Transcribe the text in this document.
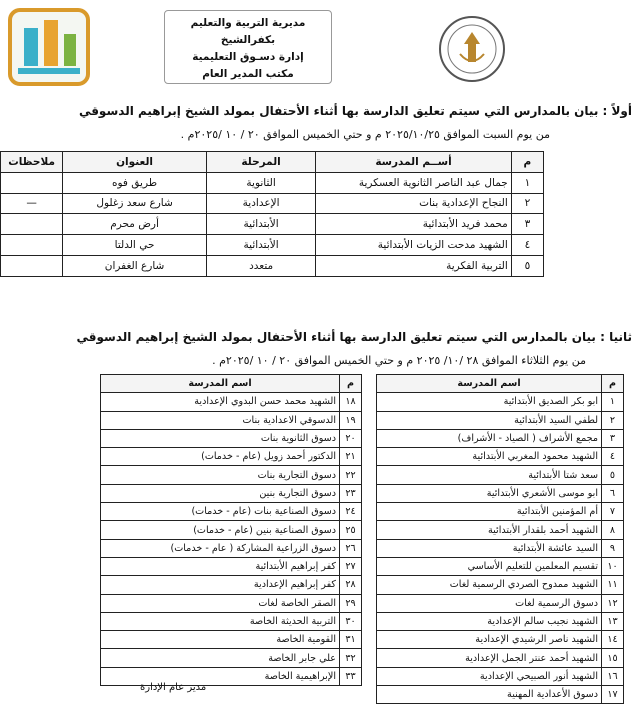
مديرية التربية والتعليم بكفرالشيخ
إدارة دسـوق التعليمية
مكتب المدير العام
أولاً : بيان بالمدارس التي سيتم تعليق الدارسة بها أثناء الأحتفال بمولد الشيخ إبراهيم الدسوقي
من يوم السبت الموافق ٢٠٢٥/١٠/٢٥ م و حتي الخميس الموافق ٢٠ / ١٠ /٢٠٢٥م .
م	أســم المدرسة	المرحلة	العنوان	ملاحظات
١	جمال عبد الناصر الثانوية العسكرية	الثانوية	طريق فوه	
٢	النجاح الإعدادية بنات	الإعدادية	شارع سعد زغلول	—
٣	محمد فريد الأبتدائية	الأبتدائية	أرض محرم	
٤	الشهيد مدحت الزيات الأبتدائية	الأبتدائية	حي الدلتا	
٥	التربية الفكرية	متعدد	شارع الغفران	
ثانيا : بيان بالمدارس التي سيتم تعليق الدارسة بها أثناء الأحتفال بمولد الشيخ إبراهيم الدسوقي
من يوم الثلاثاء الموافق ٢٨ /١٠/ ٢٠٢٥ م و حتي الخميس الموافق ٢٠ / ١٠ /٢٠٢٥م .
م	اسم المدرسة
١	ابو بكر الصديق الأبتدائية
٢	لطفي السيد الأبتدائية
٣	مجمع الأشراف ( الصياد - الأشراف)
٤	الشهيد محمود المغربي الأبتدائية
٥	سعد شتا الأبتدائية
٦	ابو موسى الأشعري الأبتدائية
٧	أم المؤمنين الأبتدائية
٨	الشهيد أحمد بلقدار الأبتدائية
٩	السيد عائشة الأبتدائية
١٠	تقسيم المعلمين للتعليم الأساسي
١١	الشهيد ممدوح الصردي الرسمية لغات
١٢	دسوق الرسمية لغات
١٣	الشهيد نجيب سالم الإعدادية
١٤	الشهيد ناصر الرشيدي الإعدادية
١٥	الشهيد أحمد عنتر الجمل الإعدادية
١٦	الشهيد أنور الصبيحي الإعدادية
١٧	دسوق الأعدادية المهنية
م	اسم المدرسة
١٨	الشهيد محمد حسن البدوي الإعدادية
١٩	الدسوقي الاعدادية بنات
٢٠	دسوق الثانوية بنات
٢١	الدكتور أحمد زويل (عام - خدمات)
٢٢	دسوق التجارية بنات
٢٣	دسوق التجارية بنين
٢٤	دسوق الصناعية بنات (عام - خدمات)
٢٥	دسوق الصناعية بنين (عام - خدمات)
٢٦	دسوق الزراعية المشاركة ( عام - خدمات)
٢٧	كفر إبراهيم الأبتدائية
٢٨	كفر إبراهيم الإعدادية
٢٩	الصقر الخاصة لغات
٣٠	التربية الحديثة الخاصة
٣١	القومية الخاصة
٣٢	علي جابر الخاصة
٣٣	الإبراهيمية الخاصة
مدير عام الإدارة
